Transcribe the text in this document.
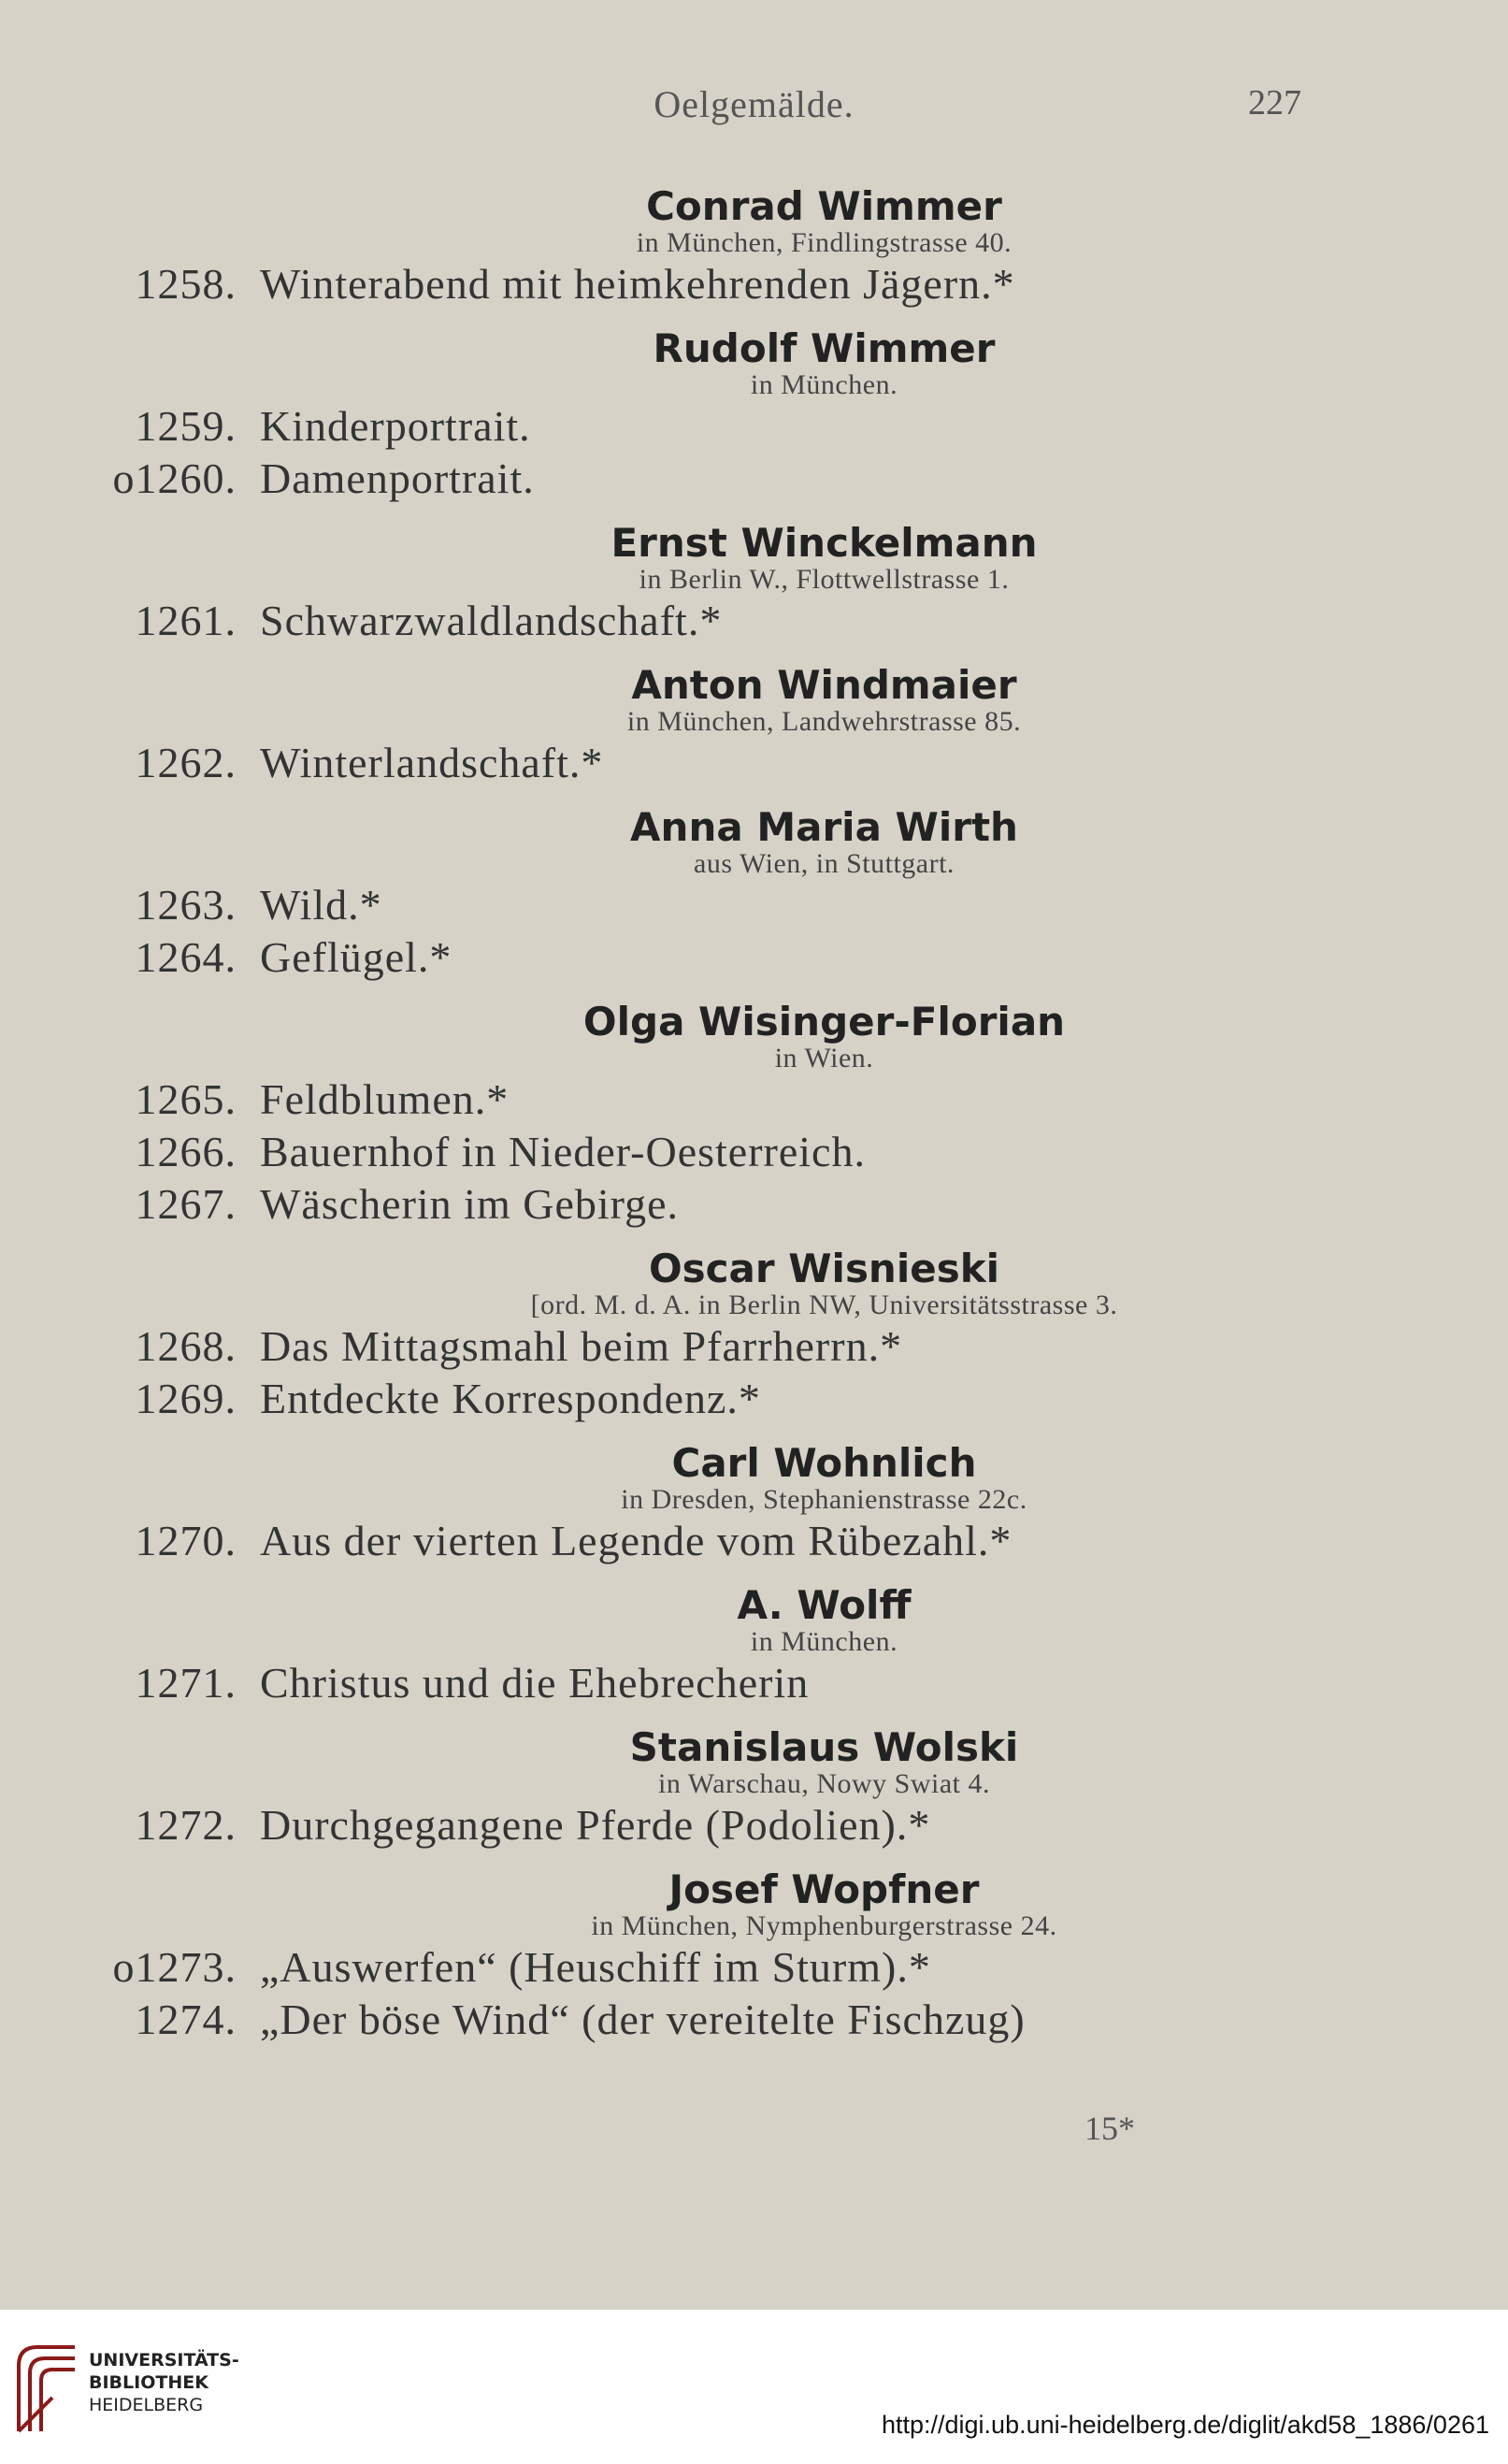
Oelgemälde.	227
Conrad Wimmer
in München, Findlingstrasse 40.
1258. Winterabend mit heimkehrenden Jägern.*
Rudolf Wimmer
in München.
1259. Kinderportrait.
o1260. Damenportrait.
Ernst Winckelmann
in Berlin W., Flottwellstrasse 1.
1261. Schwarzwaldlandschaft.*
Anton Windmaier
in München, Landwehrstrasse 85.
1262. Winterlandschaft.*
Anna Maria Wirth
aus Wien, in Stuttgart.
1263. Wild.*
1264. Geflügel.*
Olga Wisinger-Florian
in Wien.
1265. Feldblumen.*
1266. Bauernhof in Nieder-Oesterreich.
1267. Wäscherin im Gebirge.
Oscar Wisnieski
[ord. M. d. A. in Berlin NW, Universitätsstrasse 3.
1268. Das Mittagsmahl beim Pfarrherrn.*
1269. Entdeckte Korrespondenz.*
Carl Wohnlich
in Dresden, Stephanienstrasse 22c.
1270. Aus der vierten Legende vom Rübezahl.*
A. Wolff
in München.
1271. Christus und die Ehebrecherin
Stanislaus Wolski
in Warschau, Nowy Swiat 4.
1272. Durchgegangene Pferde (Podolien).*
Josef Wopfner
in München, Nymphenburgerstrasse 24.
o1273. „Auswerfen“ (Heuschiff im Sturm).*
1274. „Der böse Wind“ (der vereitelte Fischzug)
15*
UNIVERSITÄTS-
BIBLIOTHEK
HEIDELBERG
http://digi.ub.uni-heidelberg.de/diglit/akd58_1886/0261
